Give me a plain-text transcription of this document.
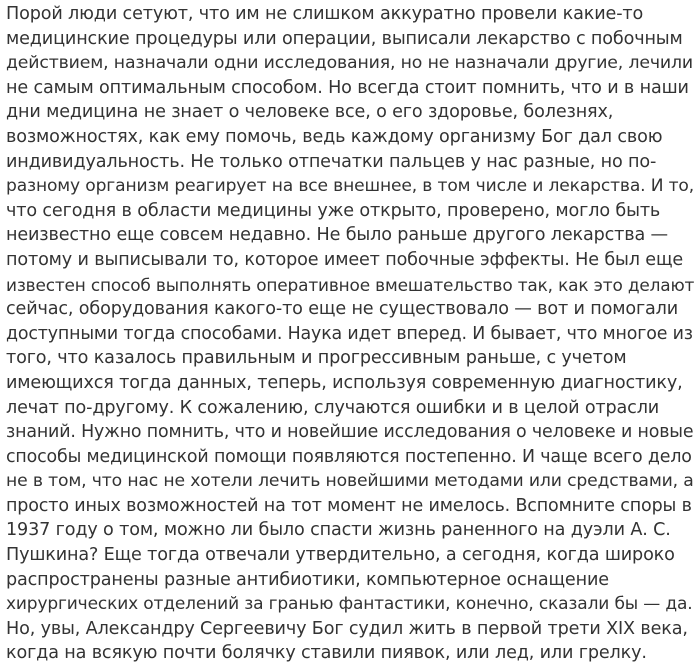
Порой люди сетуют, что им не слишком аккуратно провели какие-то
медицинские процедуры или операции, выписали лекарство с побочным
действием, назначали одни исследования, но не назначали другие, лечили
не самым оптимальным способом. Но всегда стоит помнить, что и в наши
дни медицина не знает о человеке все, о его здоровье, болезнях,
возможностях, как ему помочь, ведь каждому организму Бог дал свою
индивидуальность. Не только отпечатки пальцев у нас разные, но по-
разному организм реагирует на все внешнее, в том числе и лекарства. И то,
что сегодня в области медицины уже открыто, проверено, могло быть
неизвестно еще совсем недавно. Не было раньше другого лекарства —
потому и выписывали то, которое имеет побочные эффекты. Не был еще
известен способ выполнять оперативное вмешательство так, как это делают
сейчас, оборудования какого-то еще не существовало — вот и помогали
доступными тогда способами. Наука идет вперед. И бывает, что многое из
того, что казалось правильным и прогрессивным раньше, с учетом
имеющихся тогда данных, теперь, используя современную диагностику,
лечат по-другому. К сожалению, случаются ошибки и в целой отрасли
знаний. Нужно помнить, что и новейшие исследования о человеке и новые
способы медицинской помощи появляются постепенно. И чаще всего дело
не в том, что нас не хотели лечить новейшими методами или средствами, а
просто иных возможностей на тот момент не имелось. Вспомните споры в
1937 году о том, можно ли было спасти жизнь раненного на дуэли А. С.
Пушкина? Еще тогда отвечали утвердительно, а сегодня, когда широко
распространены разные антибиотики, компьютерное оснащение
хирургических отделений за гранью фантастики, конечно, сказали бы — да.
Но, увы, Александру Сергеевичу Бог судил жить в первой трети XIX века,
когда на всякую почти болячку ставили пиявок, или лед, или грелку.
